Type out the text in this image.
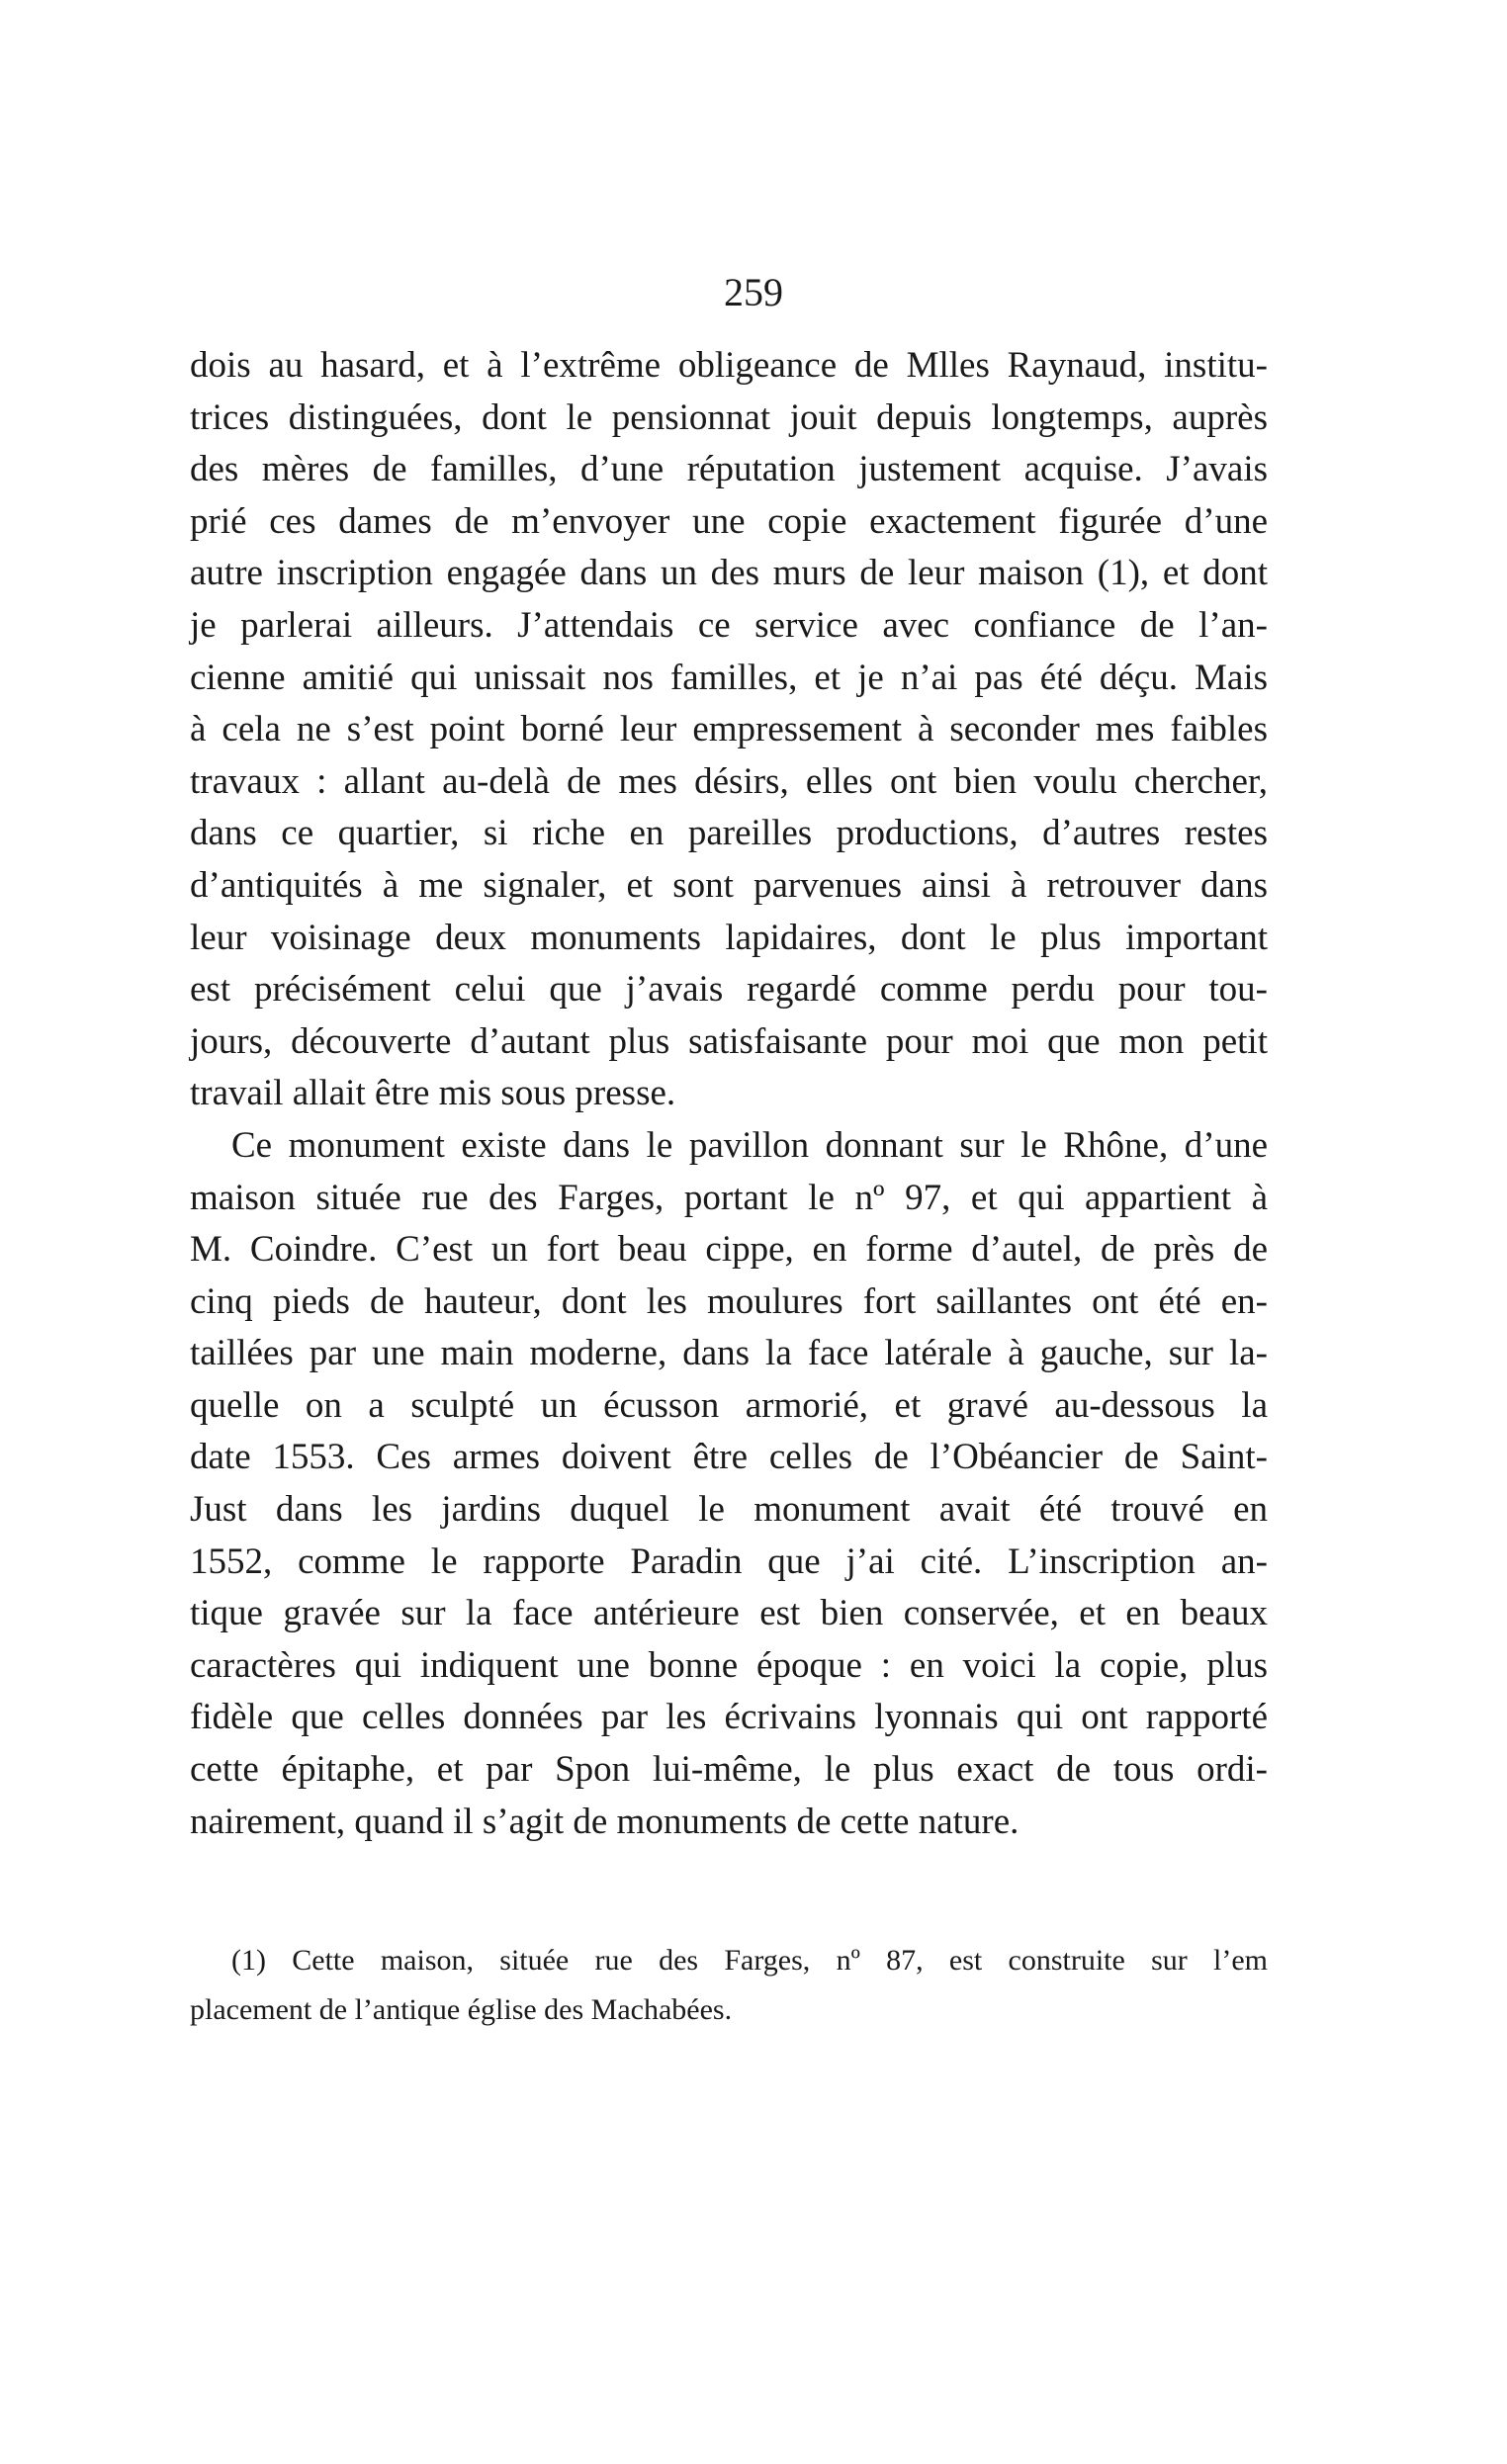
259
dois au hasard, et à l’extrême obligeance de Mlles Raynaud, institu-
trices distinguées, dont le pensionnat jouit depuis longtemps, auprès
des mères de familles, d’une réputation justement acquise. J’avais
prié ces dames de m’envoyer une copie exactement figurée d’une
autre inscription engagée dans un des murs de leur maison (1), et dont
je parlerai ailleurs. J’attendais ce service avec confiance de l’an-
cienne amitié qui unissait nos familles, et je n’ai pas été déçu. Mais
à cela ne s’est point borné leur empressement à seconder mes faibles
travaux : allant au-delà de mes désirs, elles ont bien voulu chercher,
dans ce quartier, si riche en pareilles productions, d’autres restes
d’antiquités à me signaler, et sont parvenues ainsi à retrouver dans
leur voisinage deux monuments lapidaires, dont le plus important
est précisément celui que j’avais regardé comme perdu pour tou-
jours, découverte d’autant plus satisfaisante pour moi que mon petit
travail allait être mis sous presse.
Ce monument existe dans le pavillon donnant sur le Rhône, d’une
maison située rue des Farges, portant le nº 97, et qui appartient à
M. Coindre. C’est un fort beau cippe, en forme d’autel, de près de
cinq pieds de hauteur, dont les moulures fort saillantes ont été en-
taillées par une main moderne, dans la face latérale à gauche, sur la-
quelle on a sculpté un écusson armorié, et gravé au-dessous la
date 1553. Ces armes doivent être celles de l’Obéancier de Saint-
Just dans les jardins duquel le monument avait été trouvé en
1552, comme le rapporte Paradin que j’ai cité. L’inscription an-
tique gravée sur la face antérieure est bien conservée, et en beaux
caractères qui indiquent une bonne époque : en voici la copie, plus
fidèle que celles données par les écrivains lyonnais qui ont rapporté
cette épitaphe, et par Spon lui-même, le plus exact de tous ordi-
nairement, quand il s’agit de monuments de cette nature.
(1) Cette maison, située rue des Farges, nº 87, est construite sur l’em
placement de l’antique église des Machabées.
